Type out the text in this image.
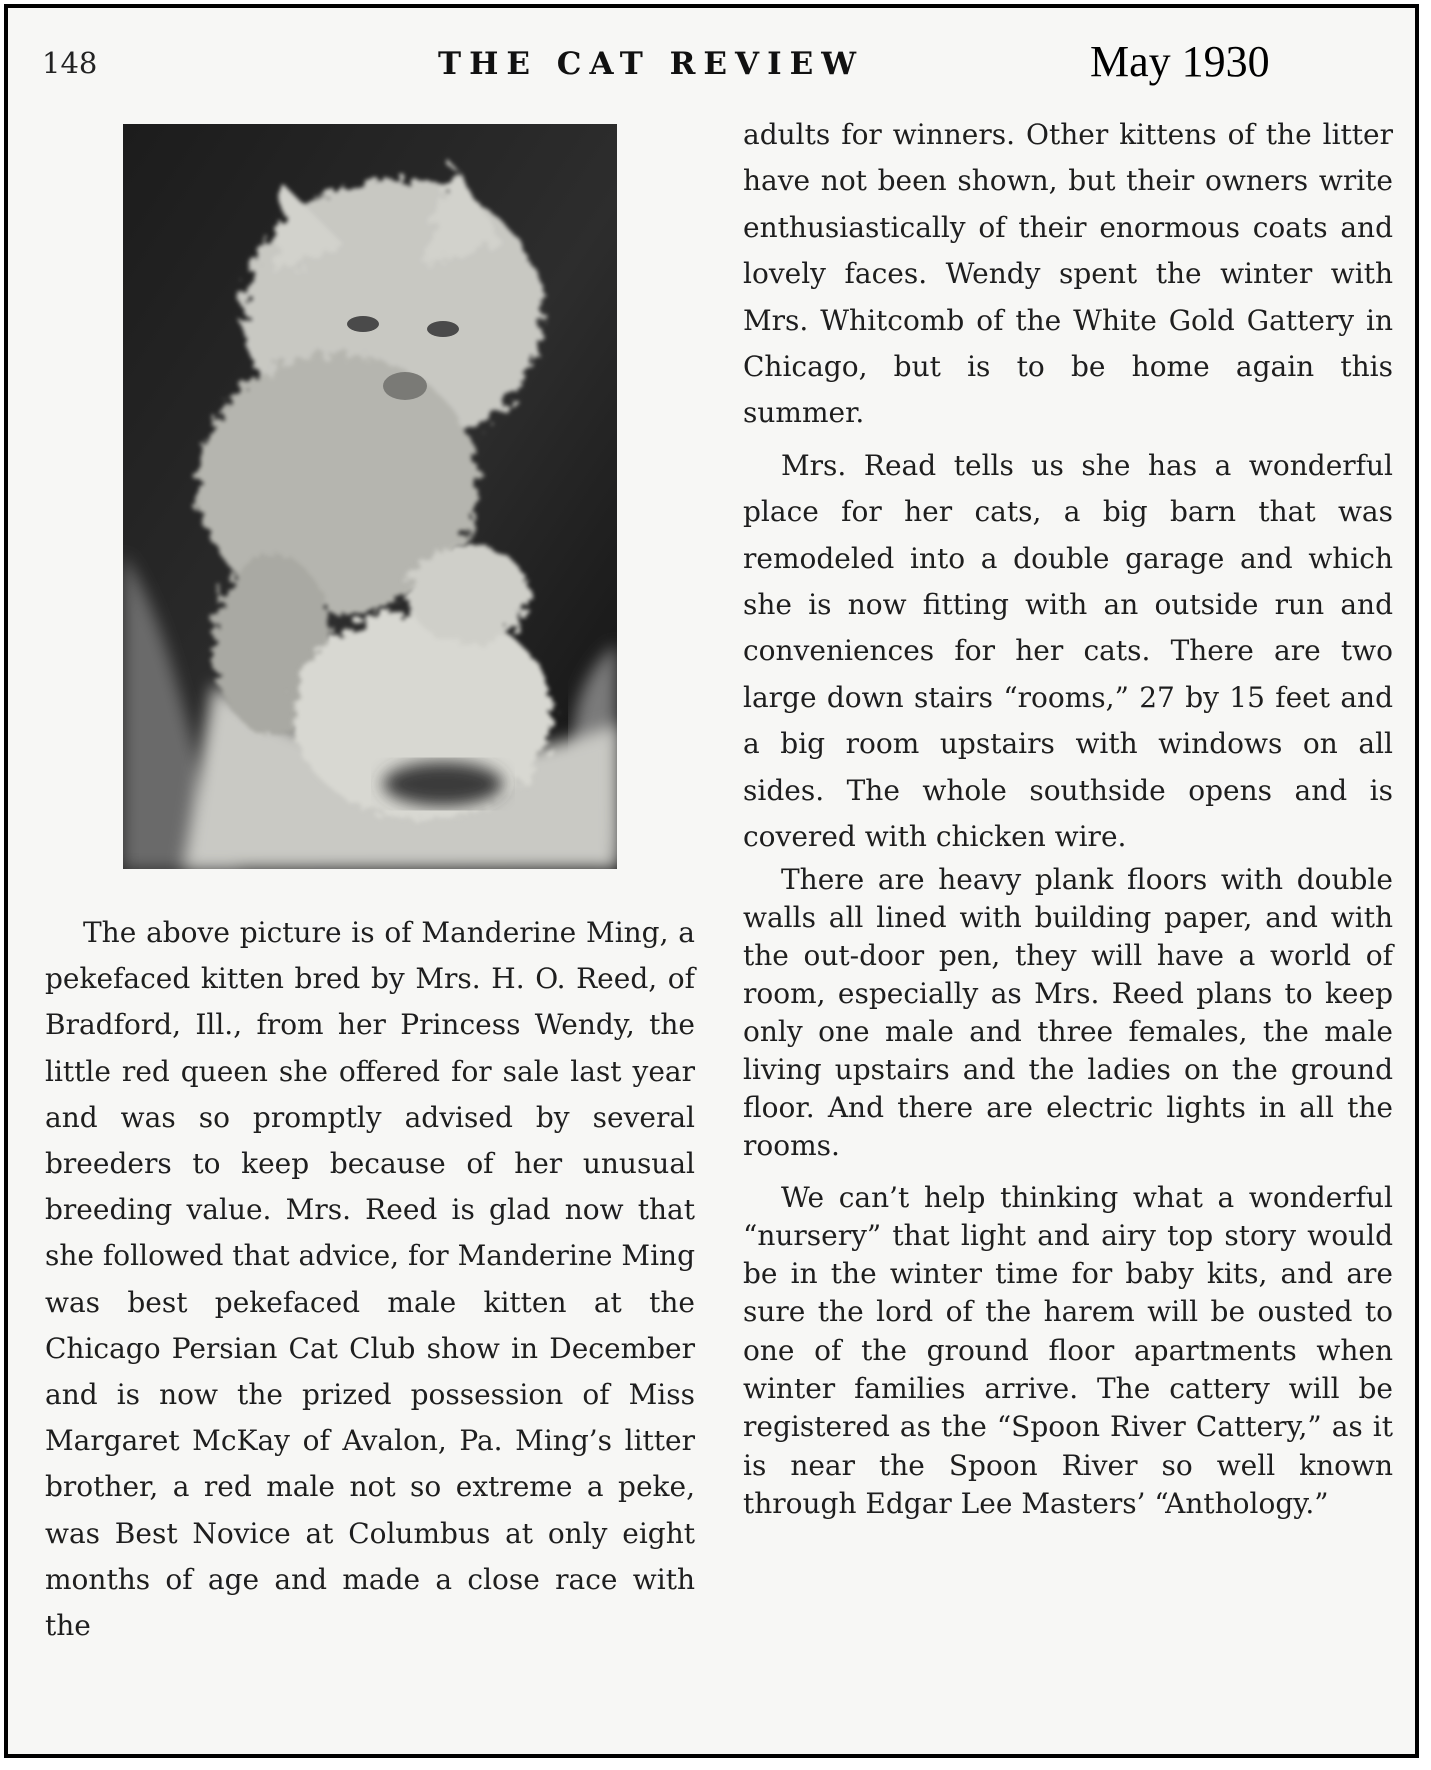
148	THE CAT REVIEW	May 1930

The above picture is of Manderine Ming, a pekefaced kitten bred by Mrs. H. O. Reed, of Bradford, Ill., from her Princess Wendy, the little red queen she offered for sale last year and was so promptly advised by several breeders to keep because of her unusual breeding value. Mrs. Reed is glad now that she followed that advice, for Manderine Ming was best pekefaced male kitten at the Chicago Persian Cat Club show in December and is now the prized possession of Miss Margaret McKay of Avalon, Pa. Ming’s litter brother, a red male not so extreme a peke, was Best Novice at Columbus at only eight months of age and made a close race with the

adults for winners. Other kittens of the litter have not been shown, but their owners write enthusiastically of their enormous coats and lovely faces. Wendy spent the winter with Mrs. Whitcomb of the White Gold Gattery in Chicago, but is to be home again this summer.

Mrs. Read tells us she has a wonderful place for her cats, a big barn that was remodeled into a double garage and which she is now fitting with an outside run and conveniences for her cats. There are two large down stairs “rooms,” 27 by 15 feet and a big room upstairs with windows on all sides. The whole southside opens and is covered with chicken wire.
There are heavy plank floors with double walls all lined with building paper, and with the out-door pen, they will have a world of room, especially as Mrs. Reed plans to keep only one male and three females, the male living upstairs and the ladies on the ground floor. And there are electric lights in all the rooms.

We can’t help thinking what a wonderful “nursery” that light and airy top story would be in the winter time for baby kits, and are sure the lord of the harem will be ousted to one of the ground floor apartments when winter families arrive. The cattery will be registered as the “Spoon River Cattery,” as it is near the Spoon River so well known through Edgar Lee Masters’ “Anthology.”
